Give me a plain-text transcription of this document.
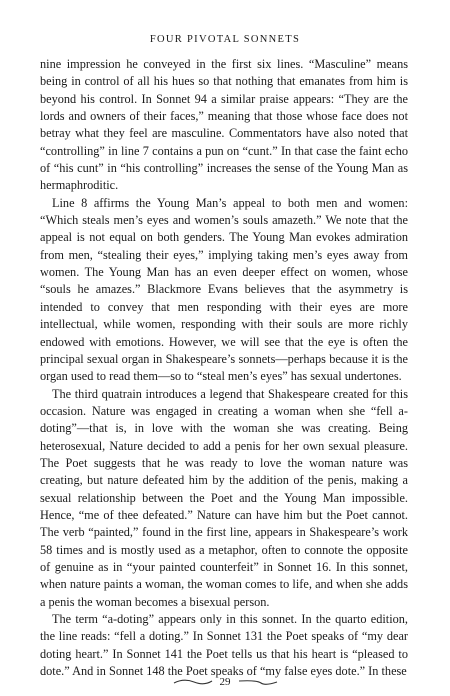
FOUR PIVOTAL SONNETS

nine impression he conveyed in the first six lines. “Masculine” means being in control of all his hues so that nothing that emanates from him is beyond his control. In Sonnet 94 a similar praise appears: “They are the lords and owners of their faces,” meaning that those whose face does not betray what they feel are masculine. Commentators have also noted that “controlling” in line 7 contains a pun on “cunt.” In that case the faint echo of “his cunt” in “his controlling” increases the sense of the Young Man as hermaphroditic.

Line 8 affirms the Young Man’s appeal to both men and women: “Which steals men’s eyes and women’s souls amazeth.” We note that the appeal is not equal on both genders. The Young Man evokes admiration from men, “stealing their eyes,” implying taking men’s eyes away from women. The Young Man has an even deeper effect on women, whose “souls he amazes.” Blackmore Evans believes that the asymmetry is intended to convey that men responding with their eyes are more intellectual, while women, responding with their souls are more richly endowed with emotions. However, we will see that the eye is often the principal sexual organ in Shakespeare’s sonnets—perhaps because it is the organ used to read them—so to “steal men’s eyes” has sexual undertones.

The third quatrain introduces a legend that Shakespeare created for this occasion. Nature was engaged in creating a woman when she “fell a-doting”—that is, in love with the woman she was creating. Being heterosexual, Nature decided to add a penis for her own sexual pleasure. The Poet suggests that he was ready to love the woman nature was creating, but nature defeated him by the addition of the penis, making a sexual relationship between the Poet and the Young Man impossible. Hence, “me of thee defeated.” Nature can have him but the Poet cannot. The verb “painted,” found in the first line, appears in Shakespeare’s work 58 times and is mostly used as a metaphor, often to connote the opposite of genuine as in “your painted counterfeit” in Sonnet 16. In this sonnet, when nature paints a woman, the woman comes to life, and when she adds a penis the woman becomes a bisexual person.

The term “a-doting” appears only in this sonnet. In the quarto edition, the line reads: “fell a doting.” In Sonnet 131 the Poet speaks of “my dear doting heart.” In Sonnet 141 the Poet tells us that his heart is “pleased to dote.” And in Sonnet 148 the Poet speaks of “my false eyes dote.” In these

29
